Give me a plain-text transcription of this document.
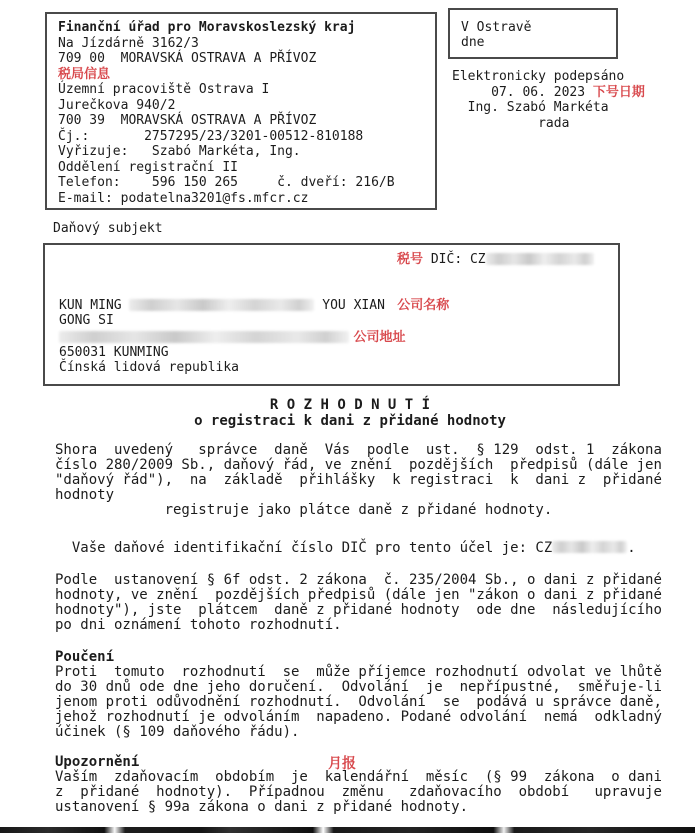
Finanční úřad pro Moravskoslezský kraj
Na Jízdárně 3162/3
709 00  MORAVSKÁ OSTRAVA A PŘÍVOZ
税局信息
Územní pracoviště Ostrava I
Jurečkova 940/2
700 39  MORAVSKÁ OSTRAVA A PŘÍVOZ
Čj.:       2757295/23/3201-00512-810188
Vyřizuje:   Szabó Markéta, Ing.
Oddělení registrační II
Telefon:    596 150 265     č. dveří: 216/B
E-mail: podatelna3201@fs.mfcr.cz
V Ostravě
dne
Elektronicky podepsáno
07. 06. 2023 下号日期
Ing. Szabó Markéta
rada
Daňový subjekt
税号 DIČ: CZ
KUN MING	YOU XIAN  公司名称
GONG SI
公司地址
650031 KUNMING
Čínská lidová republika
R O Z H O D N U T Í
o registraci k dani z přidané hodnoty
Shora  uvedený   správce  daně  Vás  podle  ust.  § 129  odst. 1  zákona
číslo 280/2009 Sb., daňový řád, ve znění  pozdějších  předpisů (dále jen
"daňový řád"),  na  základě  přihlášky  k registraci  k  dani z  přidané
hodnoty
registruje jako plátce daně z přidané hodnoty.
Vaše daňové identifikační číslo DIČ pro tento účel je: CZ	.
Podle  ustanovení § 6f odst. 2 zákona  č. 235/2004 Sb., o dani z přidané
hodnoty, ve znění  pozdějších předpisů (dále jen "zákon o dani z přidané
hodnoty"), jste  plátcem  daně z přidané hodnoty  ode dne  následujícího
po dni oznámení tohoto rozhodnutí.
Poučení
Proti  tomuto  rozhodnutí  se  může příjemce rozhodnutí odvolat ve lhůtě
do 30 dnů ode dne jeho doručení.  Odvolání  je  nepřípustné,  směřuje-li
jenom proti odůvodnění rozhodnutí.  Odvolání  se  podává u správce daně,
jehož rozhodnutí je odvoláním  napadeno. Podané odvolání  nemá  odkladný
účinek (§ 109 daňového řádu).
Upozornění	月报
Vaším  zdaňovacím  obdobím  je  kalendářní  měsíc  (§ 99  zákona  o dani
z  přidané  hodnoty).  Případnou  změnu   zdaňovacího  období   upravuje
ustanovení § 99a zákona o dani z přidané hodnoty.
